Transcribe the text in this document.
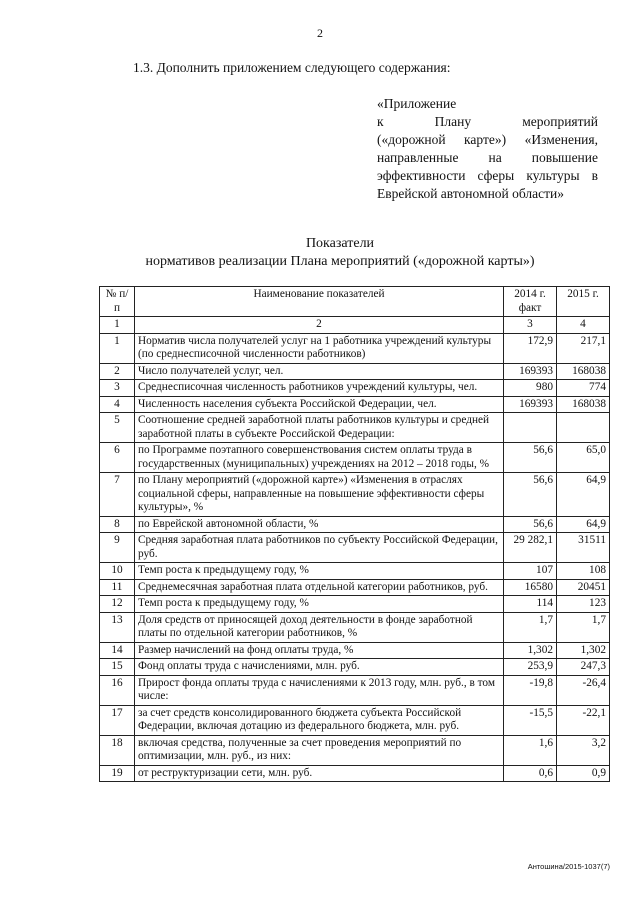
2
1.3. Дополнить приложением следующего содержания:
«Приложение
к Плану мероприятий
(«дорожной карте») «Изменения,
направленные на повышение
эффективности сферы культуры в
Еврейской автономной области»
Показатели
нормативов реализации Плана мероприятий («дорожной карты»)
№ п/п	Наименование показателей	2014 г. факт	2015 г.
1	2	3	4
1	Норматив числа получателей услуг на 1 работника учреждений культуры (по среднесписочной численности работников)	172,9	217,1
2	Число получателей услуг, чел.	169393	168038
3	Среднесписочная численность работников учреждений культуры, чел.	980	774
4	Численность населения субъекта Российской Федерации, чел.	169393	168038
5	Соотношение средней заработной платы работников культуры и средней заработной платы в субъекте Российской Федерации:		
6	по Программе поэтапного совершенствования систем оплаты труда в государственных (муниципальных) учреждениях на 2012 – 2018 годы, %	56,6	65,0
7	по Плану мероприятий («дорожной карте») «Изменения в отраслях социальной сферы, направленные на повышение эффективности сферы культуры», %	56,6	64,9
8	по Еврейской автономной области, %	56,6	64,9
9	Средняя заработная плата работников по субъекту Российской Федерации, руб.	29 282,1	31511
10	Темп роста к предыдущему году, %	107	108
11	Среднемесячная заработная плата отдельной категории работников, руб.	16580	20451
12	Темп роста к предыдущему году, %	114	123
13	Доля средств от приносящей доход деятельности в фонде заработной платы по отдельной категории работников, %	1,7	1,7
14	Размер начислений на фонд оплаты труда, %	1,302	1,302
15	Фонд оплаты труда с начислениями, млн. руб.	253,9	247,3
16	Прирост фонда оплаты труда с начислениями к 2013 году, млн. руб., в том числе:	-19,8	-26,4
17	за счет средств консолидированного бюджета субъекта Российской Федерации, включая дотацию из федерального бюджета, млн. руб.	-15,5	-22,1
18	включая средства, полученные за счет проведения мероприятий по оптимизации, млн. руб., из них:	1,6	3,2
19	от реструктуризации сети, млн. руб.	0,6	0,9
Антошина/2015-1037(7)
